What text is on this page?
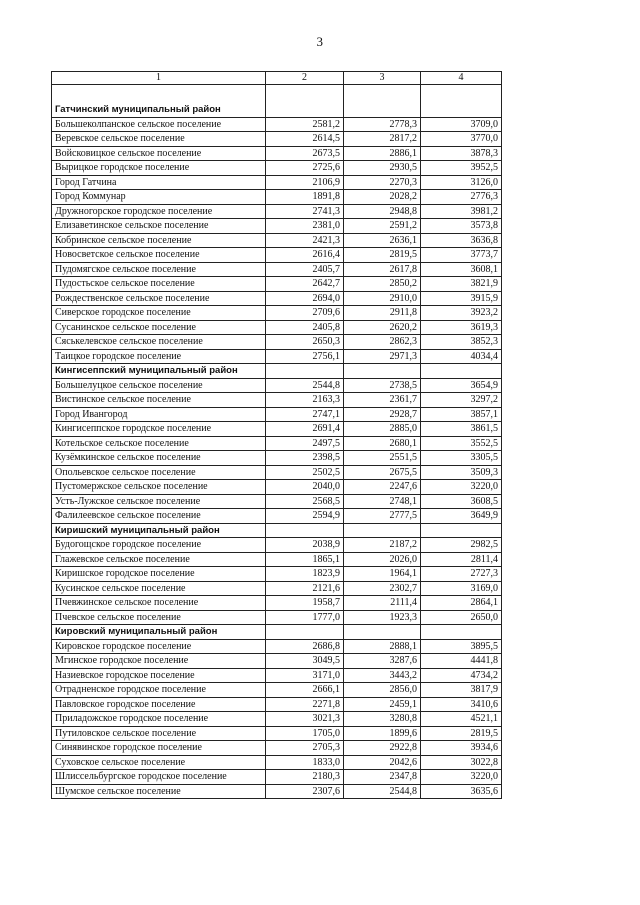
3
1	2	3	4

Гатчинский муниципальный район			
Большеколпанское сельское поселение	2581,2	2778,3	3709,0
Веревское сельское поселение	2614,5	2817,2	3770,0
Войсковицкое сельское поселение	2673,5	2886,1	3878,3
Вырицкое городское поселение	2725,6	2930,5	3952,5
Город Гатчина	2106,9	2270,3	3126,0
Город Коммунар	1891,8	2028,2	2776,3
Дружногорское городское поселение	2741,3	2948,8	3981,2
Елизаветинское сельское поселение	2381,0	2591,2	3573,8
Кобринское сельское поселение	2421,3	2636,1	3636,8
Новосветское сельское поселение	2616,4	2819,5	3773,7
Пудомягское сельское поселение	2405,7	2617,8	3608,1
Пудостьское сельское поселение	2642,7	2850,2	3821,9
Рождественское сельское поселение	2694,0	2910,0	3915,9
Сиверское городское поселение	2709,6	2911,8	3923,2
Сусанинское сельское поселение	2405,8	2620,2	3619,3
Сяськелевское сельское поселение	2650,3	2862,3	3852,3
Таицкое городское поселение	2756,1	2971,3	4034,4
Кингисеппский муниципальный район			
Большелуцкое сельское поселение	2544,8	2738,5	3654,9
Вистинское сельское поселение	2163,3	2361,7	3297,2
Город Ивангород	2747,1	2928,7	3857,1
Кингисеппское городское поселение	2691,4	2885,0	3861,5
Котельское сельское поселение	2497,5	2680,1	3552,5
Кузёмкинское сельское поселение	2398,5	2551,5	3305,5
Опольевское сельское поселение	2502,5	2675,5	3509,3
Пустомержское сельское поселение	2040,0	2247,6	3220,0
Усть-Лужское сельское поселение	2568,5	2748,1	3608,5
Фалилеевское сельское поселение	2594,9	2777,5	3649,9
Киришский муниципальный район			
Будогощское городское поселение	2038,9	2187,2	2982,5
Глажевское сельское поселение	1865,1	2026,0	2811,4
Киришское городское поселение	1823,9	1964,1	2727,3
Кусинское сельское поселение	2121,6	2302,7	3169,0
Пчевжинское сельское поселение	1958,7	2111,4	2864,1
Пчевское сельское поселение	1777,0	1923,3	2650,0
Кировский муниципальный район			
Кировское городское поселение	2686,8	2888,1	3895,5
Мгинское городское поселение	3049,5	3287,6	4441,8
Назиевское городское поселение	3171,0	3443,2	4734,2
Отрадненское городское поселение	2666,1	2856,0	3817,9
Павловское городское поселение	2271,8	2459,1	3410,6
Приладожское городское поселение	3021,3	3280,8	4521,1
Путиловское сельское поселение	1705,0	1899,6	2819,5
Синявинское городское поселение	2705,3	2922,8	3934,6
Суховское сельское поселение	1833,0	2042,6	3022,8
Шлиссельбургское городское поселение	2180,3	2347,8	3220,0
Шумское сельское поселение	2307,6	2544,8	3635,6
